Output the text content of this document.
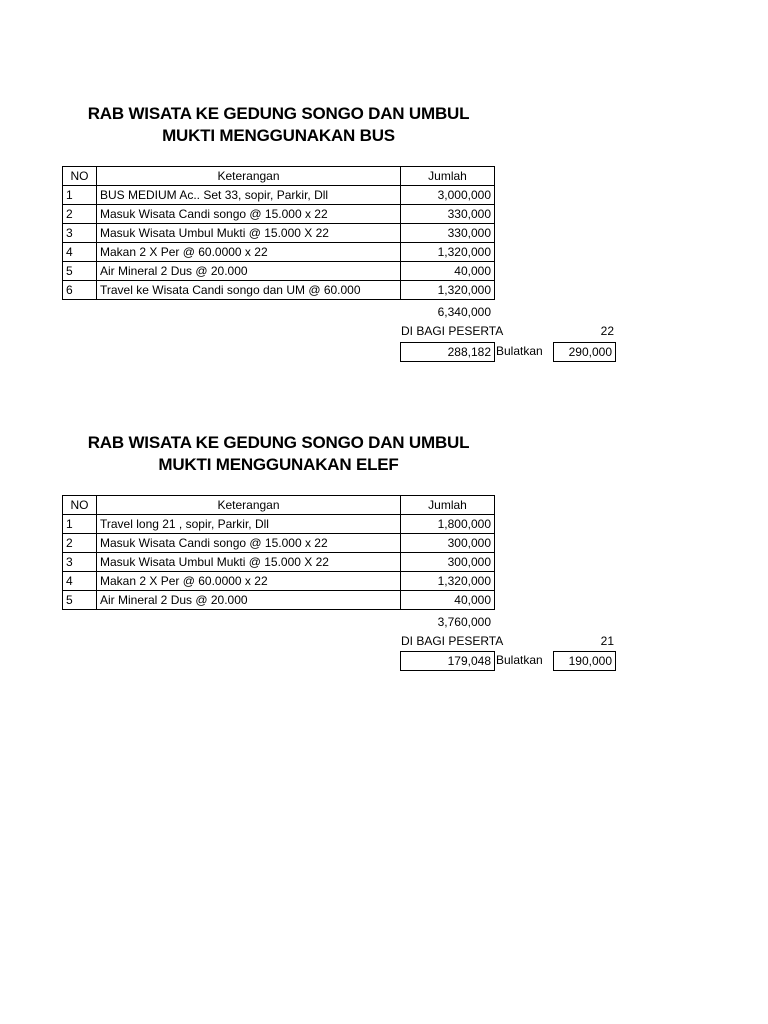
RAB WISATA KE GEDUNG SONGO DAN UMBUL
MUKTI MENGGUNAKAN BUS
NO	Keterangan	Jumlah
1	BUS MEDIUM Ac.. Set 33, sopir, Parkir, Dll	3,000,000
2	Masuk Wisata Candi songo @ 15.000 x 22	330,000
3	Masuk Wisata Umbul Mukti @ 15.000 X 22	330,000
4	Makan 2 X Per @ 60.0000 x 22	1,320,000
5	Air Mineral 2 Dus @ 20.000	40,000
6	Travel ke Wisata Candi songo dan UM @ 60.000	1,320,000
6,340,000
DI BAGI PESERTA	22
288,182 Bulatkan	290,000
RAB WISATA KE GEDUNG SONGO DAN UMBUL
MUKTI MENGGUNAKAN ELEF
NO	Keterangan	Jumlah
1	Travel long 21 , sopir, Parkir, Dll	1,800,000
2	Masuk Wisata Candi songo @ 15.000 x 22	300,000
3	Masuk Wisata Umbul Mukti @ 15.000 X 22	300,000
4	Makan 2 X Per @ 60.0000 x 22	1,320,000
5	Air Mineral 2 Dus @ 20.000	40,000
3,760,000
DI BAGI PESERTA	21
179,048 Bulatkan	190,000
